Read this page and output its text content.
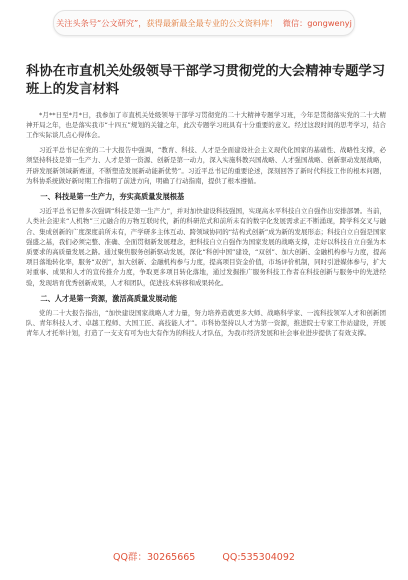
关注头条号“公文研究”，获得最新最全最专业的公文资料库！ 微信：gongwenyj
科协在市直机关处级领导干部学习贯彻党的大会精神专题学习班上的发言材料

*月**日至*月*日，我参加了市直机关处级领导干部学习贯彻党的二十大精神专题学习班，今年是贯彻落实党的二十大精神开局之年，也是落实我市“十四五”规划的关键之年，此次专题学习班具有十分重要的意义。经过这段时间的思考学习，结合工作实际谈几点心得体会。

习近平总书记在党的二十大报告中强调，“教育、科技、人才是全面建设社会主义现代化国家的基础性、战略性支撑，必须坚持科技是第一生产力、人才是第一资源、创新是第一动力，深入实施科教兴国战略、人才强国战略、创新驱动发展战略，开辟发展新领域新赛道，不断塑造发展新动能新优势”。习近平总书记的重要论述，深刻回答了新时代科技工作的根本问题，为科协系统做好新时期工作指明了前进方向，明确了行动指南，提供了根本遵循。

一、科技是第一生产力，夯实高质量发展根基

习近平总书记曾多次强调“科技是第一生产力”，并对加快建设科技强国，实现高水平科技自立自强作出安排部署。当前，人类社会迎来“人机物”三元融合的万物互联时代，新的科研范式和前所未有的数字化发展需求正不断涌现，跨学科交叉与融合、集成创新的广度深度前所未有，产学研多主体互动、跨领域协同的“结构式创新”成为新的发展形态；科技自立自强是国家强盛之基，我们必须完整、准确、全面贯彻新发展理念，把科技自立自强作为国家发展的战略支撑，走好以科技自立自强为本质要求的高质量发展之路。通过聚焦服务创新驱动发展，深化“科创中国”建设，“双创”、加大创新、金融机构参与力度，提高项目落地转化率，服务“双创”，加大创新、金融机构参与力度，提高项目资金价值，市场评价机制，同时引进媒体参与，扩大对重事、成果和人才的宣传推介力度，争取更多项目转化落地，通过发掘推广服务科技工作者在科技创新与服务中的先进经验，发现培育优秀创新成果，人才和团队，促进技术转移和成果转化。

二、人才是第一资源，激活高质量发展动能

党的二十大报告指出，“加快建设国家战略人才力量，努力培养造就更多大师、战略科学家、一流科技领军人才和创新团队、青年科技人才、卓越工程师、大国工匠、高技能人才”。市科协坚持以人才为第一资源，推进院士专家工作站建设，开展青年人才托举计划，打造了一支支有可为也大有作为的科技人才队伍，为我市经济发展和社会事业进步提供了有效支撑。

QQ群：30265665	QQ:535304092
